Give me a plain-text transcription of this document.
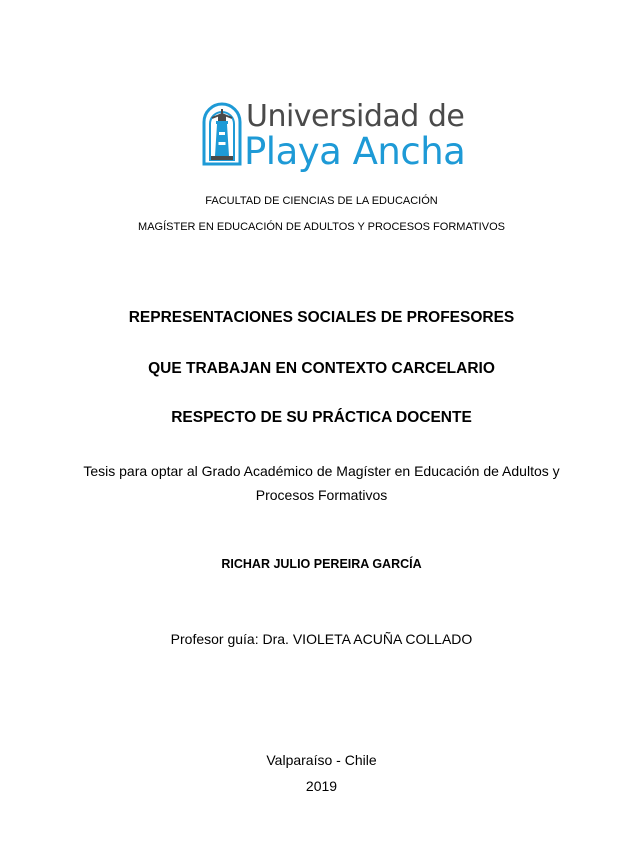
Universidad de
Playa Ancha
FACULTAD DE CIENCIAS DE LA EDUCACIÓN
MAGÍSTER EN EDUCACIÓN DE ADULTOS Y PROCESOS FORMATIVOS
REPRESENTACIONES SOCIALES DE PROFESORES
QUE TRABAJAN EN CONTEXTO CARCELARIO
RESPECTO DE SU PRÁCTICA DOCENTE
Tesis para optar al Grado Académico de Magíster en Educación de Adultos y
Procesos Formativos
RICHAR JULIO PEREIRA GARCÍA
Profesor guía: Dra. VIOLETA ACUÑA COLLADO
Valparaíso - Chile
2019
